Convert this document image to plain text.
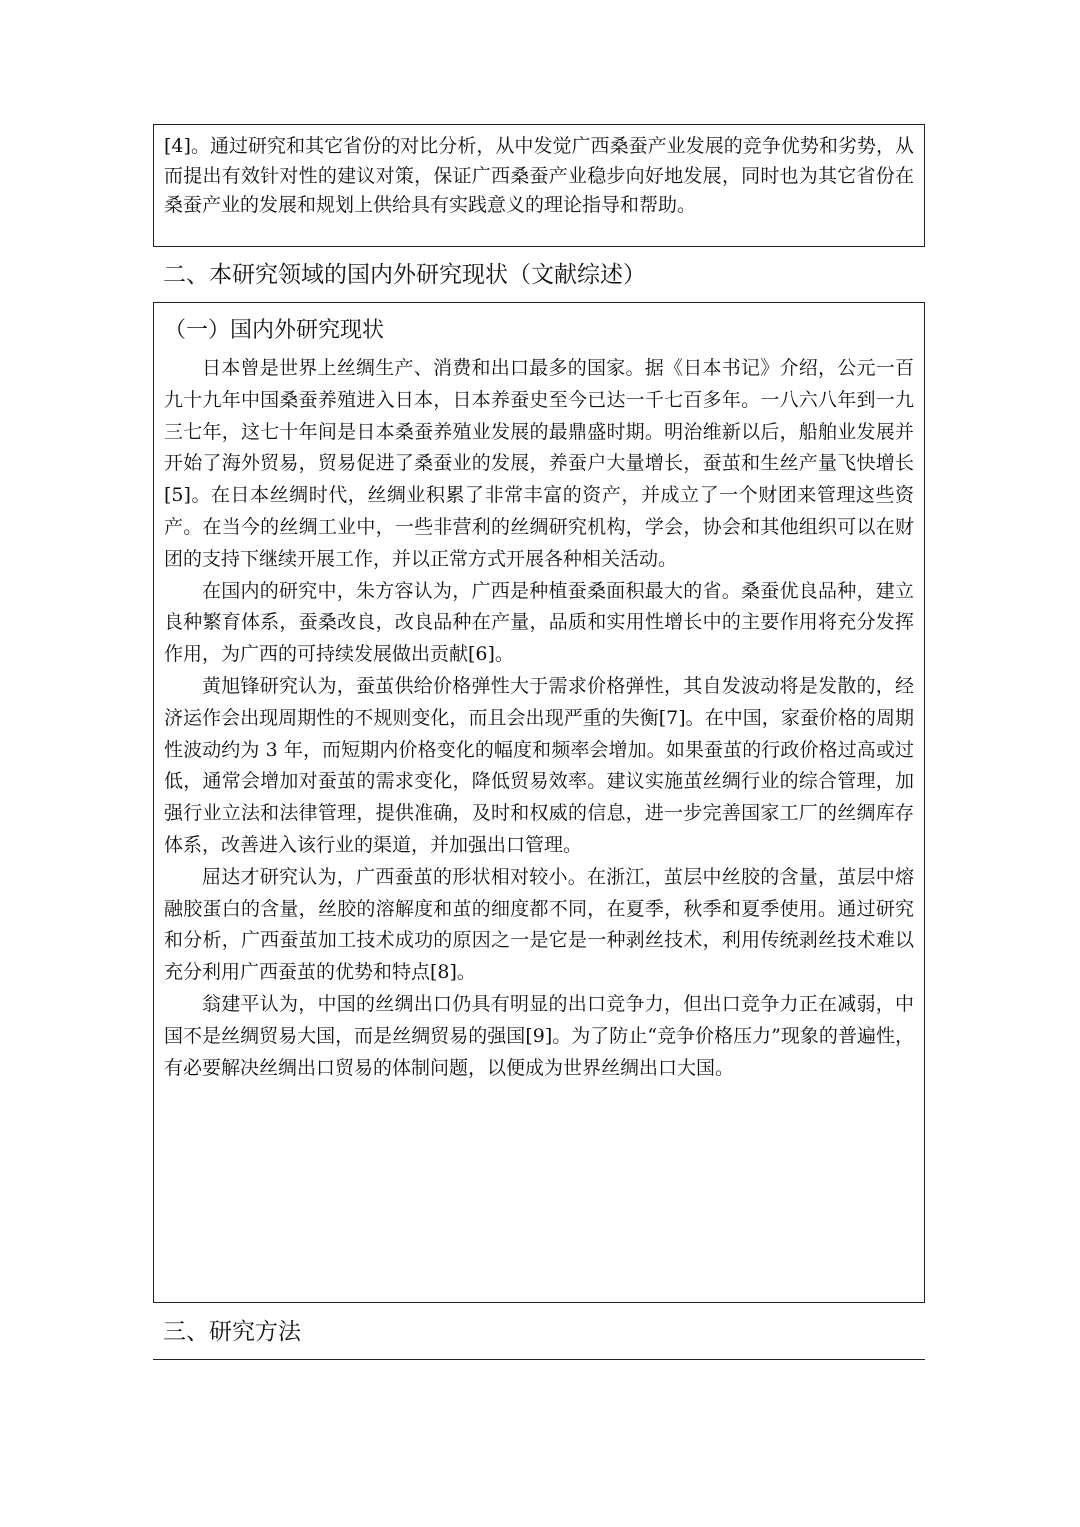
[4]。通过研究和其它省份的对比分析，从中发觉广西桑蚕产业发展的竞争优势和劣势，从而提出有效针对性的建议对策，保证广西桑蚕产业稳步向好地发展，同时也为其它省份在桑蚕产业的发展和规划上供给具有实践意义的理论指导和帮助。

二、本研究领域的国内外研究现状（文献综述）
（一）国内外研究现状

日本曾是世界上丝绸生产、消费和出口最多的国家。据《日本书记》介绍，公元一百九十九年中国桑蚕养殖进入日本，日本养蚕史至今已达一千七百多年。一八六八年到一九三七年，这七十年间是日本桑蚕养殖业发展的最鼎盛时期。明治维新以后，船舶业发展并开始了海外贸易，贸易促进了桑蚕业的发展，养蚕户大量增长，蚕茧和生丝产量飞快增长[5]。在日本丝绸时代，丝绸业积累了非常丰富的资产，并成立了一个财团来管理这些资产。在当今的丝绸工业中，一些非营利的丝绸研究机构，学会，协会和其他组织可以在财团的支持下继续开展工作，并以正常方式开展各种相关活动。

在国内的研究中，朱方容认为，广西是种植蚕桑面积最大的省。桑蚕优良品种，建立良种繁育体系，蚕桑改良，改良品种在产量，品质和实用性增长中的主要作用将充分发挥作用，为广西的可持续发展做出贡献[6]。

黄旭锋研究认为，蚕茧供给价格弹性大于需求价格弹性，其自发波动将是发散的，经济运作会出现周期性的不规则变化，而且会出现严重的失衡[7]。在中国，家蚕价格的周期性波动约为 3 年，而短期内价格变化的幅度和频率会增加。如果蚕茧的行政价格过高或过低，通常会增加对蚕茧的需求变化，降低贸易效率。建议实施茧丝绸行业的综合管理，加强行业立法和法律管理，提供准确，及时和权威的信息，进一步完善国家工厂的丝绸库存体系，改善进入该行业的渠道，并加强出口管理。

屈达才研究认为，广西蚕茧的形状相对较小。在浙江，茧层中丝胶的含量，茧层中熔融胶蛋白的含量，丝胶的溶解度和茧的细度都不同，在夏季，秋季和夏季使用。通过研究和分析，广西蚕茧加工技术成功的原因之一是它是一种剥丝技术，利用传统剥丝技术难以充分利用广西蚕茧的优势和特点[8]。

翁建平认为，中国的丝绸出口仍具有明显的出口竞争力，但出口竞争力正在减弱，中国不是丝绸贸易大国，而是丝绸贸易的强国[9]。为了防止“竞争价格压力”现象的普遍性，有必要解决丝绸出口贸易的体制问题，以便成为世界丝绸出口大国。

三、研究方法
